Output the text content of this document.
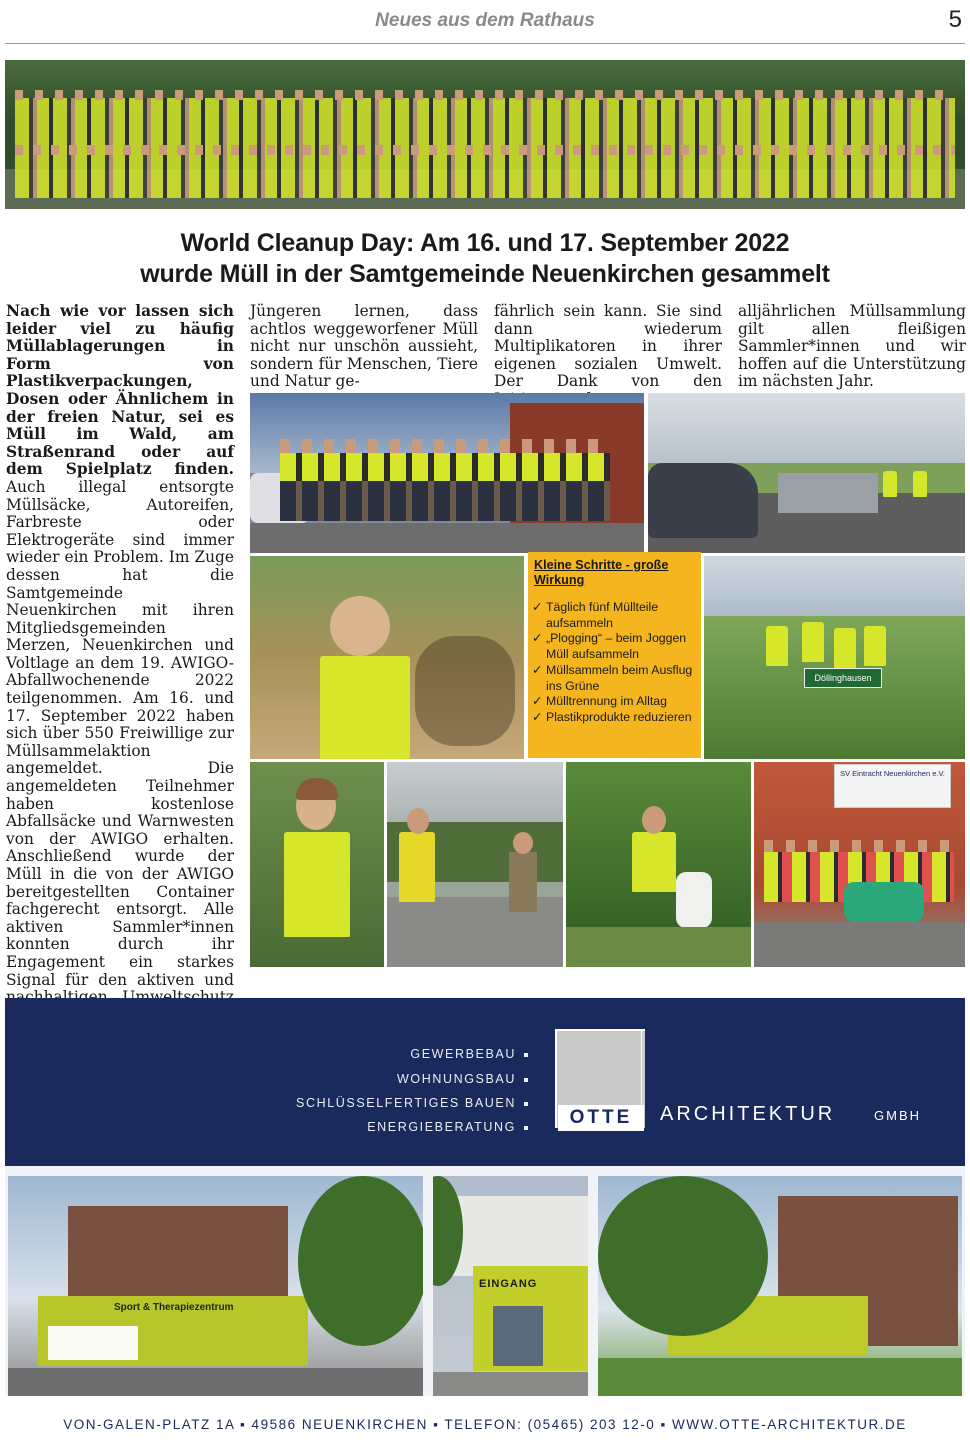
Neues aus dem Rathaus	5
World Cleanup Day: Am 16. und 17. September 2022
wurde Müll in der Samtgemeinde Neuenkirchen gesammelt
Nach wie vor lassen sich leider viel zu häufig Müllablagerungen in Form von Plastikverpackungen, Dosen oder Ähnlichem in der freien Natur, sei es Müll im Wald, am Straßenrand oder auf dem Spielplatz finden. Auch illegal entsorgte Müllsäcke, Autoreifen, Farbreste oder Elektrogeräte sind immer wieder ein Problem. Im Zuge dessen hat die Samtgemeinde Neuenkirchen mit ihren Mitgliedsgemeinden Merzen, Neuenkirchen und Voltlage an dem 19. AWIGO-Abfallwochenende 2022 teilgenommen. Am 16. und 17. September 2022 haben sich über 550 Freiwillige zur Müllsammelaktion angemeldet. Die angemeldeten Teilnehmer haben kostenlose Abfallsäcke und Warnwesten von der AWIGO erhalten. Anschließend wurde der Müll in die von der AWIGO bereitgestellten Container fachgerecht entsorgt. Alle aktiven Sammler*innen konnten durch ihr Engagement ein starkes Signal für den aktiven und
Jüngeren lernen, dass achtlos weggeworfener Müll nicht nur unschön aussieht, sondern für Menschen, Tiere und Natur ge-
fährlich sein kann. Sie sind dann wiederum Multiplikatoren in ihrer eigenen sozialen Umwelt. Der Dank von den
alljährlichen Müllsammlung gilt allen fleißigen Sammler*innen und wir hoffen auf die Unterstützung im nächsten Jahr.
Kleine Schritte - große Wirkung
✓ Täglich fünf Müllteile aufsammeln
✓ „Plogging“ – beim Joggen Müll aufsammeln
✓ Müllsammeln beim Ausflug ins Grüne
✓ Mülltrennung im Alltag
✓ Plastikprodukte reduzieren
Döllinghausen
SV Eintracht Neuenkirchen e.V.
GEWERBEBAU
WOHNUNGSBAU
SCHLÜSSELFERTIGES BAUEN
ENERGIEBERATUNG	OTTE	ARCHITEKTUR	GMBH
Sport & Therapiezentrum
EINGANG
VON-GALEN-PLATZ 1A ▪ 49586 NEUENKIRCHEN ▪ TELEFON: (05465) 203 12-0 ▪ WWW.OTTE-ARCHITEKTUR.DE
